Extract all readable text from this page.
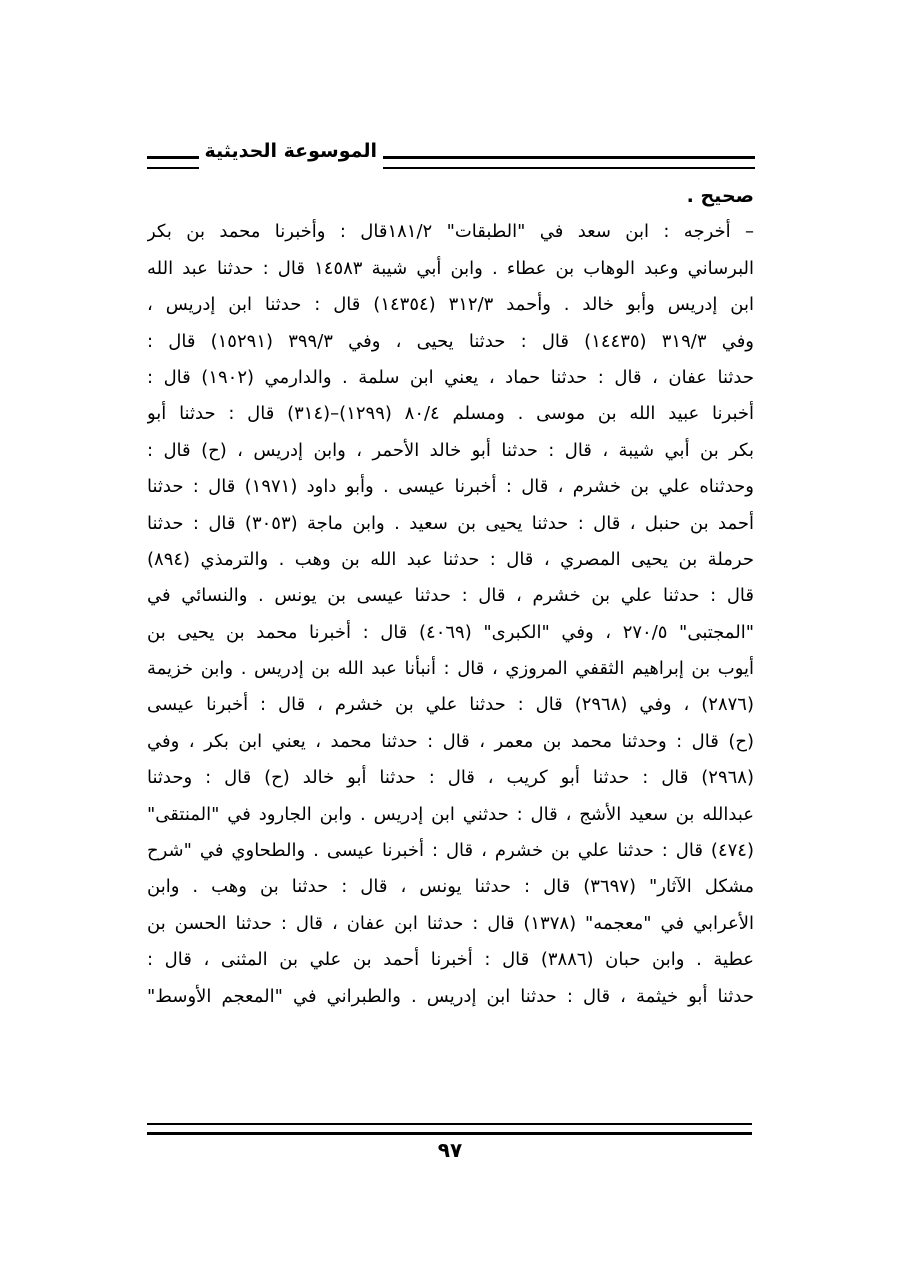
الموسوعة الحديثية
صحيح .
– أخرجه : ابن سعد في "الطبقات" ١٨١/٢قال : وأخبرنا محمد بن بكر
البرساني وعبد الوهاب بن عطاء . وابن أبي شيبة ١٤٥٨٣ قال : حدثنا عبد الله
ابن إدريس وأبو خالد . وأحمد ٣١٢/٣ (١٤٣٥٤) قال : حدثنا ابن إدريس ،
وفي ٣١٩/٣ (١٤٤٣٥) قال : حدثنا يحيى ، وفي ٣٩٩/٣ (١٥٢٩١) قال :
حدثنا عفان ، قال : حدثنا حماد ، يعني ابن سلمة . والدارمي (١٩٠٢) قال :
أخبرنا عبيد الله بن موسى . ومسلم ٨٠/٤ (١٢٩٩)–(٣١٤) قال : حدثنا أبو
بكر بن أبي شيبة ، قال : حدثنا أبو خالد الأحمر ، وابن إدريس ، (ح) قال :
وحدثناه علي بن خشرم ، قال : أخبرنا عيسى . وأبو داود (١٩٧١) قال : حدثنا
أحمد بن حنبل ، قال : حدثنا يحيى بن سعيد . وابن ماجة (٣٠٥٣) قال : حدثنا
حرملة بن يحيى المصري ، قال : حدثنا عبد الله بن وهب . والترمذي (٨٩٤)
قال : حدثنا علي بن خشرم ، قال : حدثنا عيسى بن يونس . والنسائي في
"المجتبى" ٢٧٠/٥ ، وفي "الكبرى" (٤٠٦٩) قال : أخبرنا محمد بن يحيى بن
أيوب بن إبراهيم الثقفي المروزي ، قال : أنبأنا عبد الله بن إدريس . وابن خزيمة
(٢٨٧٦) ، وفي (٢٩٦٨) قال : حدثنا علي بن خشرم ، قال : أخبرنا عيسى
(ح) قال : وحدثنا محمد بن معمر ، قال : حدثنا محمد ، يعني ابن بكر ، وفي
(٢٩٦٨) قال : حدثنا أبو كريب ، قال : حدثنا أبو خالد (ح) قال : وحدثنا
عبدالله بن سعيد الأشج ، قال : حدثني ابن إدريس . وابن الجارود في "المنتقى"
(٤٧٤) قال : حدثنا علي بن خشرم ، قال : أخبرنا عيسى . والطحاوي في "شرح
مشكل الآثار" (٣٦٩٧) قال : حدثنا يونس ، قال : حدثنا بن وهب . وابن
الأعرابي في "معجمه" (١٣٧٨) قال : حدثنا ابن عفان ، قال : حدثنا الحسن بن
عطية . وابن حبان (٣٨٨٦) قال : أخبرنا أحمد بن علي بن المثنى ، قال :
حدثنا أبو خيثمة ، قال : حدثنا ابن إدريس . والطبراني في "المعجم الأوسط"
٩٧
